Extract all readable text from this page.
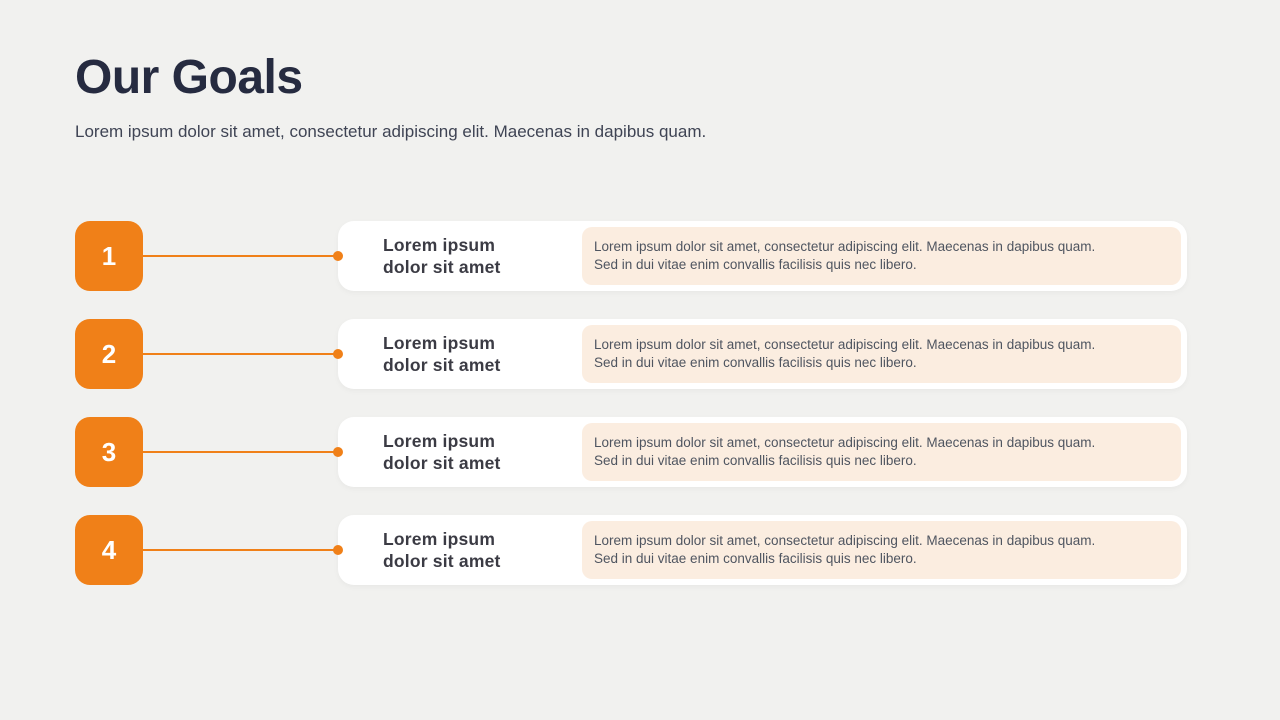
Our Goals
Lorem ipsum dolor sit amet, consectetur adipiscing elit. Maecenas in dapibus quam.
1	Lorem ipsum
dolor sit amet
Lorem ipsum dolor sit amet, consectetur adipiscing elit. Maecenas in dapibus quam.
Sed in dui vitae enim convallis facilisis quis nec libero.
2	Lorem ipsum
dolor sit amet
Lorem ipsum dolor sit amet, consectetur adipiscing elit. Maecenas in dapibus quam.
Sed in dui vitae enim convallis facilisis quis nec libero.
3	Lorem ipsum
dolor sit amet
Lorem ipsum dolor sit amet, consectetur adipiscing elit. Maecenas in dapibus quam.
Sed in dui vitae enim convallis facilisis quis nec libero.
4	Lorem ipsum
dolor sit amet
Lorem ipsum dolor sit amet, consectetur adipiscing elit. Maecenas in dapibus quam.
Sed in dui vitae enim convallis facilisis quis nec libero.
